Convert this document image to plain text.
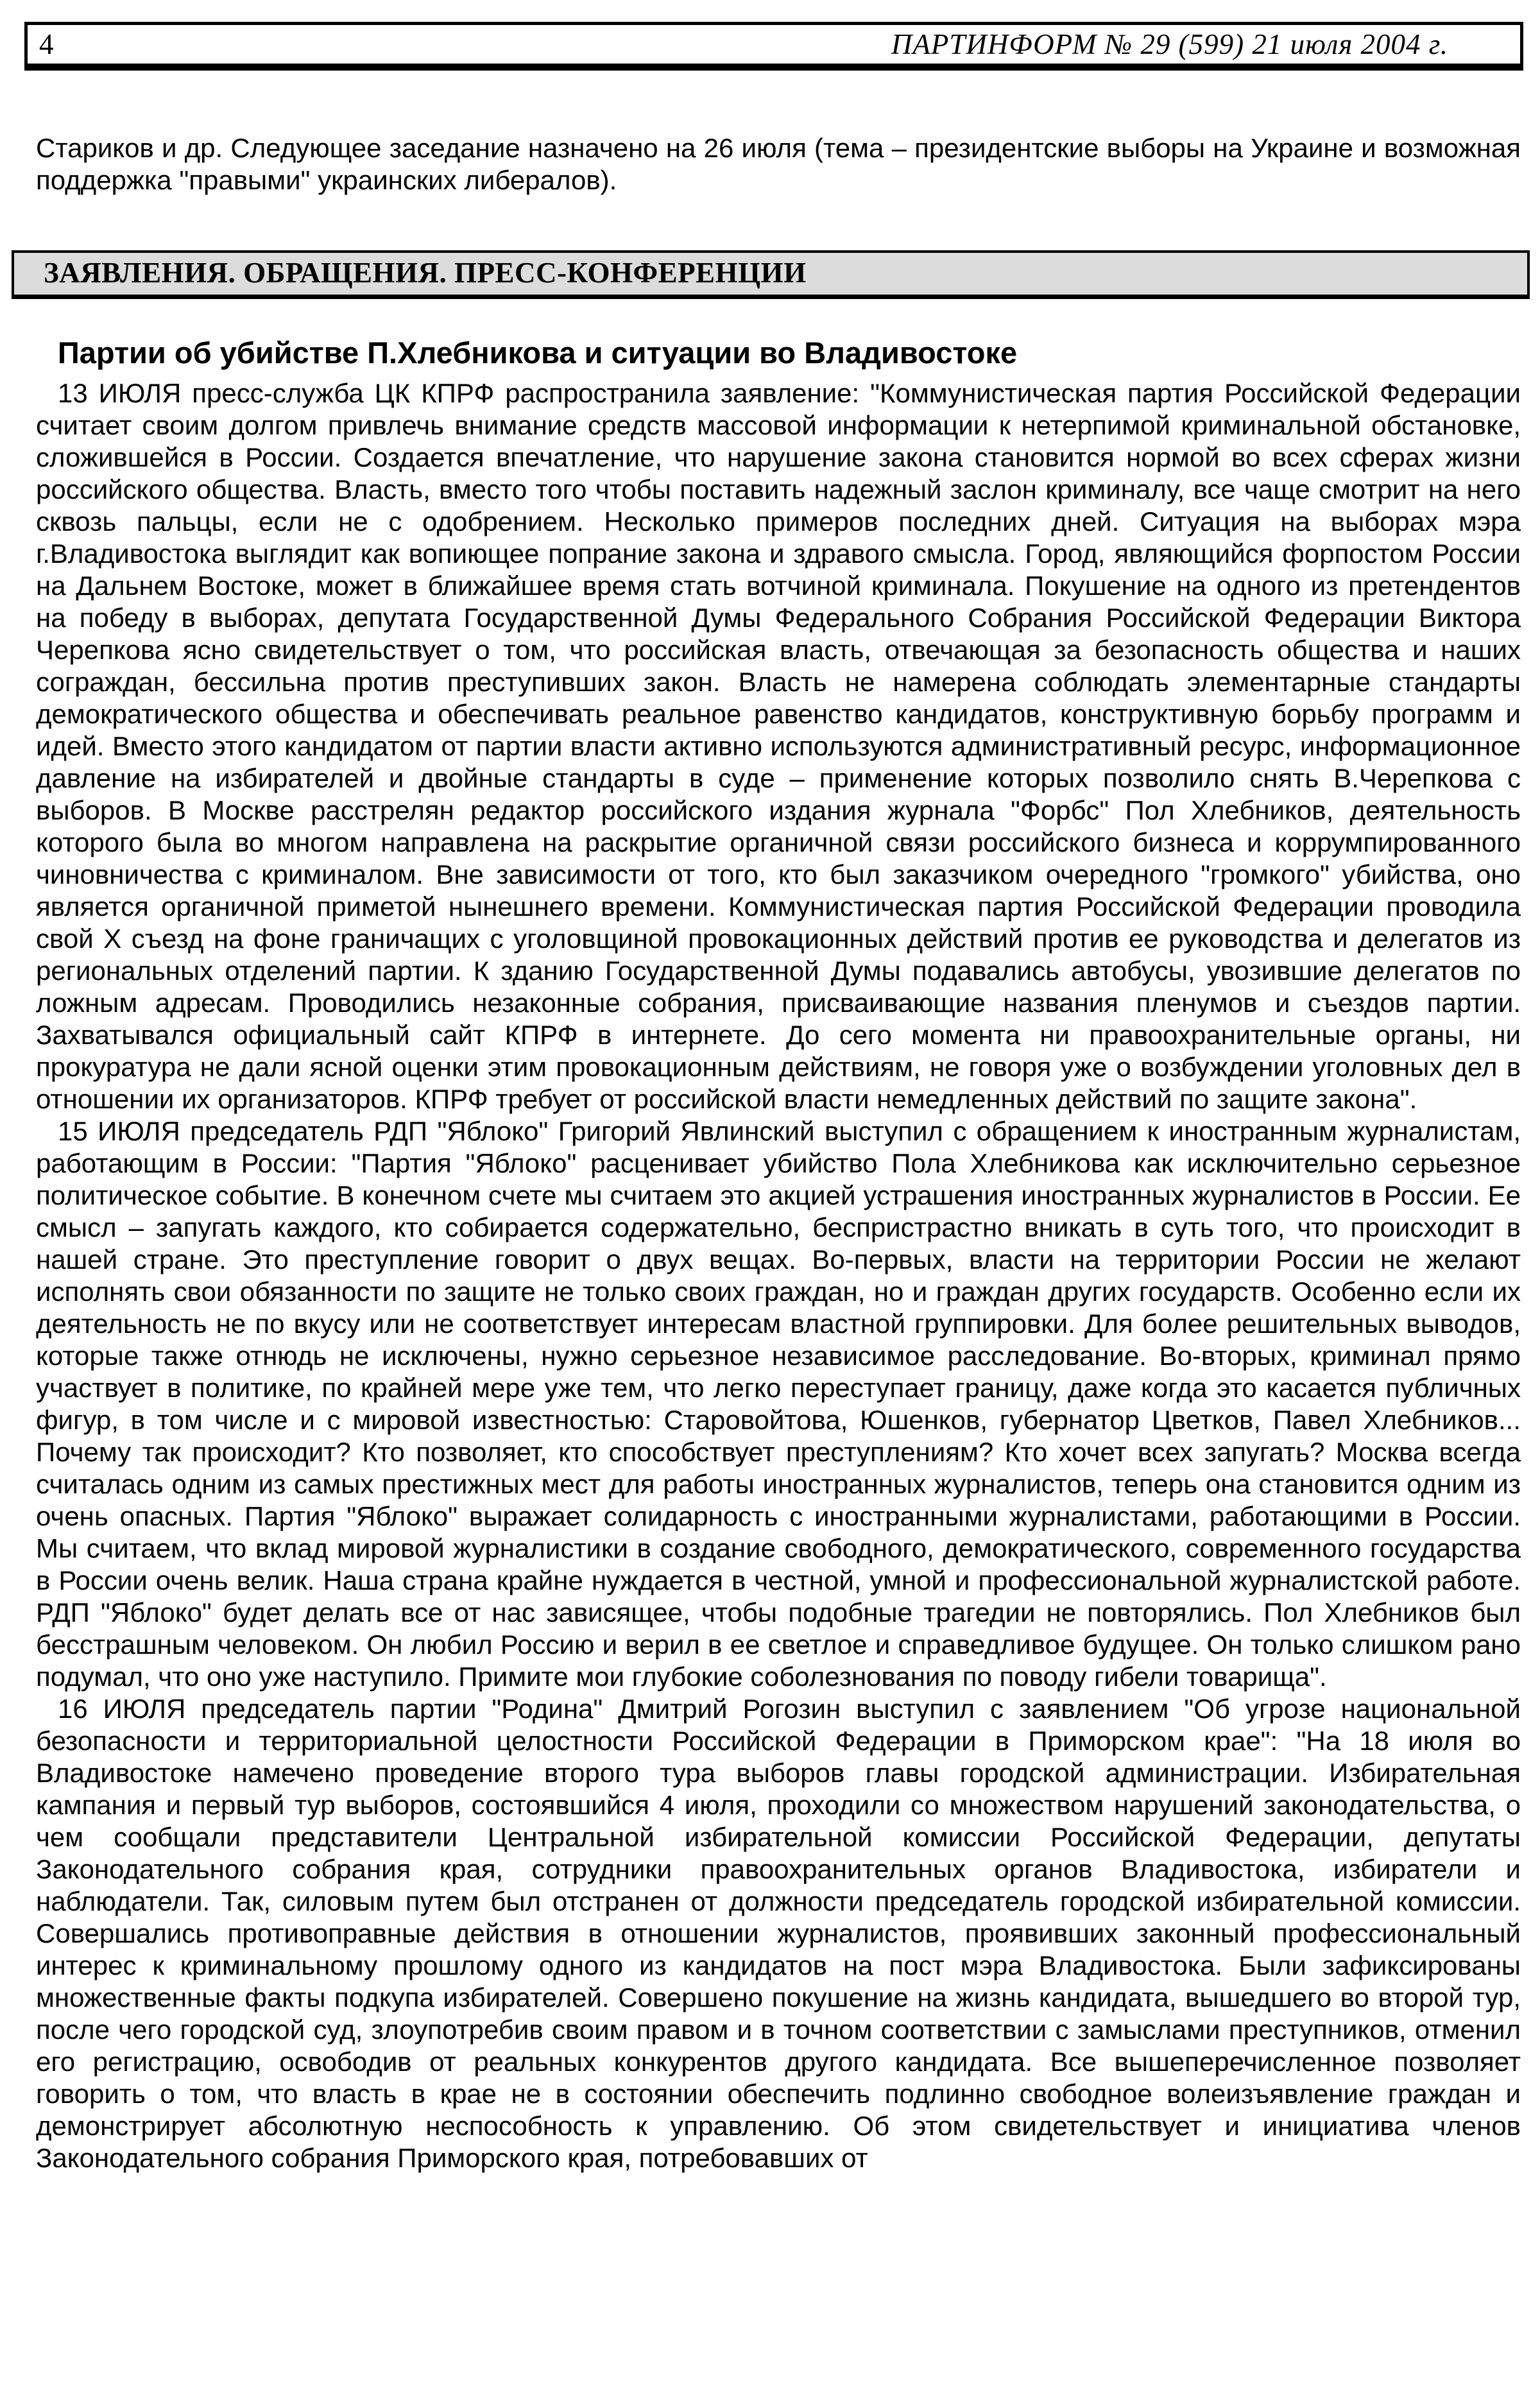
4	ПАРТИНФОРМ № 29 (599) 21 июля 2004 г.

Стариков и др. Следующее заседание назначено на 26 июля (тема – президентские выборы на Украине и возможная поддержка "правыми" украинских либералов).

ЗАЯВЛЕНИЯ. ОБРАЩЕНИЯ. ПРЕСС-КОНФЕРЕНЦИИ
Партии об убийстве П.Хлебникова и ситуации во Владивостоке

13 ИЮЛЯ пресс-служба ЦК КПРФ распространила заявление: "Коммунистическая партия Российской Федерации считает своим долгом привлечь внимание средств массовой информации к нетерпимой криминальной обстановке, сложившейся в России. Создается впечатление, что нарушение закона становится нормой во всех сферах жизни российского общества. Власть, вместо того чтобы поставить надежный заслон криминалу, все чаще смотрит на него сквозь пальцы, если не с одобрением. Несколько примеров последних дней. Ситуация на выборах мэра г.Владивостока выглядит как вопиющее попрание закона и здравого смысла. Город, являющийся форпостом России на Дальнем Востоке, может в ближайшее время стать вотчиной криминала. Покушение на одного из претендентов на победу в выборах, депутата Государственной Думы Федерального Собрания Российской Федерации Виктора Черепкова ясно свидетельствует о том, что российская власть, отвечающая за безопасность общества и наших сограждан, бессильна против преступивших закон. Власть не намерена соблюдать элементарные стандарты демократического общества и обеспечивать реальное равенство кандидатов, конструктивную борьбу программ и идей. Вместо этого кандидатом от партии власти активно используются административный ресурс, информационное давление на избирателей и двойные стандарты в суде – применение которых позволило снять В.Черепкова с выборов. В Москве расстрелян редактор российского издания журнала "Форбс" Пол Хлебников, деятельность которого была во многом направлена на раскрытие органичной связи российского бизнеса и коррумпированного чиновничества с криминалом. Вне зависимости от того, кто был заказчиком очередного "громкого" убийства, оно является органичной приметой нынешнего времени. Коммунистическая партия Российской Федерации проводила свой X съезд на фоне граничащих с уголовщиной провокационных действий против ее руководства и делегатов из региональных отделений партии. К зданию Государственной Думы подавались автобусы, увозившие делегатов по ложным адресам. Проводились незаконные собрания, присваивающие названия пленумов и съездов партии. Захватывался официальный сайт КПРФ в интернете. До сего момента ни правоохранительные органы, ни прокуратура не дали ясной оценки этим провокационным действиям, не говоря уже о возбуждении уголовных дел в отношении их организаторов. КПРФ требует от российской власти немедленных действий по защите закона".

15 ИЮЛЯ председатель РДП "Яблоко" Григорий Явлинский выступил с обращением к иностранным журналистам, работающим в России: "Партия "Яблоко" расценивает убийство Пола Хлебникова как исключительно серьезное политическое событие. В конечном счете мы считаем это акцией устрашения иностранных журналистов в России. Ее смысл – запугать каждого, кто собирается содержательно, беспристрастно вникать в суть того, что происходит в нашей стране. Это преступление говорит о двух вещах. Во-первых, власти на территории России не желают исполнять свои обязанности по защите не только своих граждан, но и граждан других государств. Особенно если их деятельность не по вкусу или не соответствует интересам властной группировки. Для более решительных выводов, которые также отнюдь не исключены, нужно серьезное независимое расследование. Во-вторых, криминал прямо участвует в политике, по крайней мере уже тем, что легко переступает границу, даже когда это касается публичных фигур, в том числе и с мировой известностью: Старовойтова, Юшенков, губернатор Цветков, Павел Хлебников... Почему так происходит? Кто позволяет, кто способствует преступлениям? Кто хочет всех запугать? Москва всегда считалась одним из самых престижных мест для работы иностранных журналистов, теперь она становится одним из очень опасных. Партия "Яблоко" выражает солидарность с иностранными журналистами, работающими в России. Мы считаем, что вклад мировой журналистики в создание свободного, демократического, современного государства в России очень велик. Наша страна крайне нуждается в честной, умной и профессиональной журналистской работе. РДП "Яблоко" будет делать все от нас зависящее, чтобы подобные трагедии не повторялись. Пол Хлебников был бесстрашным человеком. Он любил Россию и верил в ее светлое и справедливое будущее. Он только слишком рано подумал, что оно уже наступило. Примите мои глубокие соболезнования по поводу гибели товарища".

16 ИЮЛЯ председатель партии "Родина" Дмитрий Рогозин выступил с заявлением "Об угрозе национальной безопасности и территориальной целостности Российской Федерации в Приморском крае": "На 18 июля во Владивостоке намечено проведение второго тура выборов главы городской администрации. Избирательная кампания и первый тур выборов, состоявшийся 4 июля, проходили со множеством нарушений законодательства, о чем сообщали представители Центральной избирательной комиссии Российской Федерации, депутаты Законодательного собрания края, сотрудники правоохранительных органов Владивостока, избиратели и наблюдатели. Так, силовым путем был отстранен от должности председатель городской избирательной комиссии. Совершались противоправные действия в отношении журналистов, проявивших законный профессиональный интерес к криминальному прошлому одного из кандидатов на пост мэра Владивостока. Были зафиксированы множественные факты подкупа избирателей. Совершено покушение на жизнь кандидата, вышедшего во второй тур, после чего городской суд, злоупотребив своим правом и в точном соответствии с замыслами преступников, отменил его регистрацию, освободив от реальных конкурентов другого кандидата. Все вышеперечисленное позволяет говорить о том, что власть в крае не в состоянии обеспечить подлинно свободное волеизъявление граждан и демонстрирует абсолютную неспособность к управлению. Об этом свидетельствует и инициатива членов Законодательного собрания Приморского края, потребовавших от
